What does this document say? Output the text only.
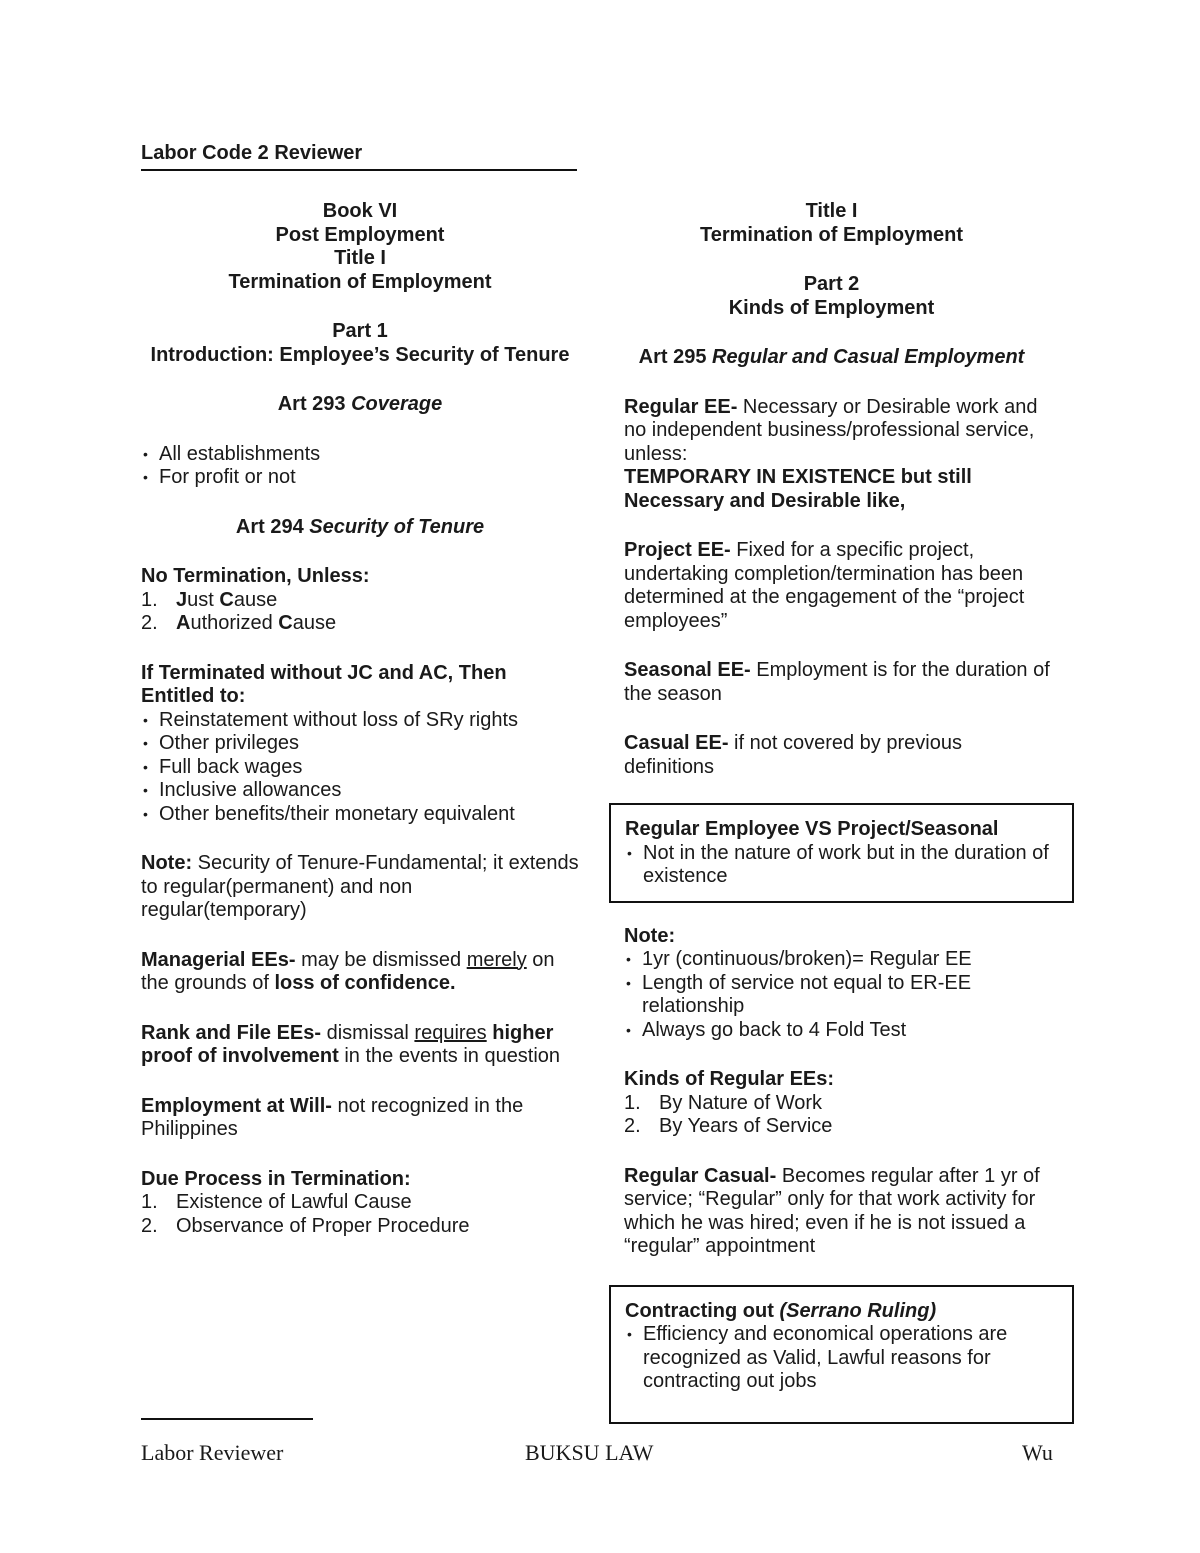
Labor Code 2 Reviewer
Book VI
Post Employment
Title I
Termination of Employment
Part 1
Introduction: Employee’s Security of Tenure
Art 293 Coverage
• All establishments
• For profit or not
Art 294 Security of Tenure
No Termination, Unless:
1. Just Cause
2. Authorized Cause
If Terminated without JC and AC, Then Entitled to:
• Reinstatement without loss of SRy rights
• Other privileges
• Full back wages
• Inclusive allowances
• Other benefits/their monetary equivalent
Note: Security of Tenure-Fundamental; it extends to regular(permanent) and non regular(temporary)
Managerial EEs- may be dismissed merely on the grounds of loss of confidence.
Rank and File EEs- dismissal requires higher proof of involvement in the events in question
Employment at Will- not recognized in the Philippines
Due Process in Termination:
1. Existence of Lawful Cause
2. Observance of Proper Procedure
Title I
Termination of Employment
Part 2
Kinds of Employment
Art 295 Regular and Casual Employment
Regular EE- Necessary or Desirable work and no independent business/professional service, unless:
TEMPORARY IN EXISTENCE but still Necessary and Desirable like,
Project EE- Fixed for a specific project, undertaking completion/termination has been determined at the engagement of the “project employees”
Seasonal EE- Employment is for the duration of the season
Casual EE- if not covered by previous definitions
Regular Employee VS Project/Seasonal
• Not in the nature of work but in the duration of existence
Note:
• 1yr (continuous/broken)= Regular EE
• Length of service not equal to ER-EE relationship
• Always go back to 4 Fold Test
Kinds of Regular EEs:
1. By Nature of Work
2. By Years of Service
Regular Casual- Becomes regular after 1 yr of service; “Regular” only for that work activity for which he was hired; even if he is not issued a “regular” appointment
Contracting out (Serrano Ruling)
• Efficiency and economical operations are recognized as Valid, Lawful reasons for contracting out jobs
Labor Reviewer	BUKSU LAW	Wu
